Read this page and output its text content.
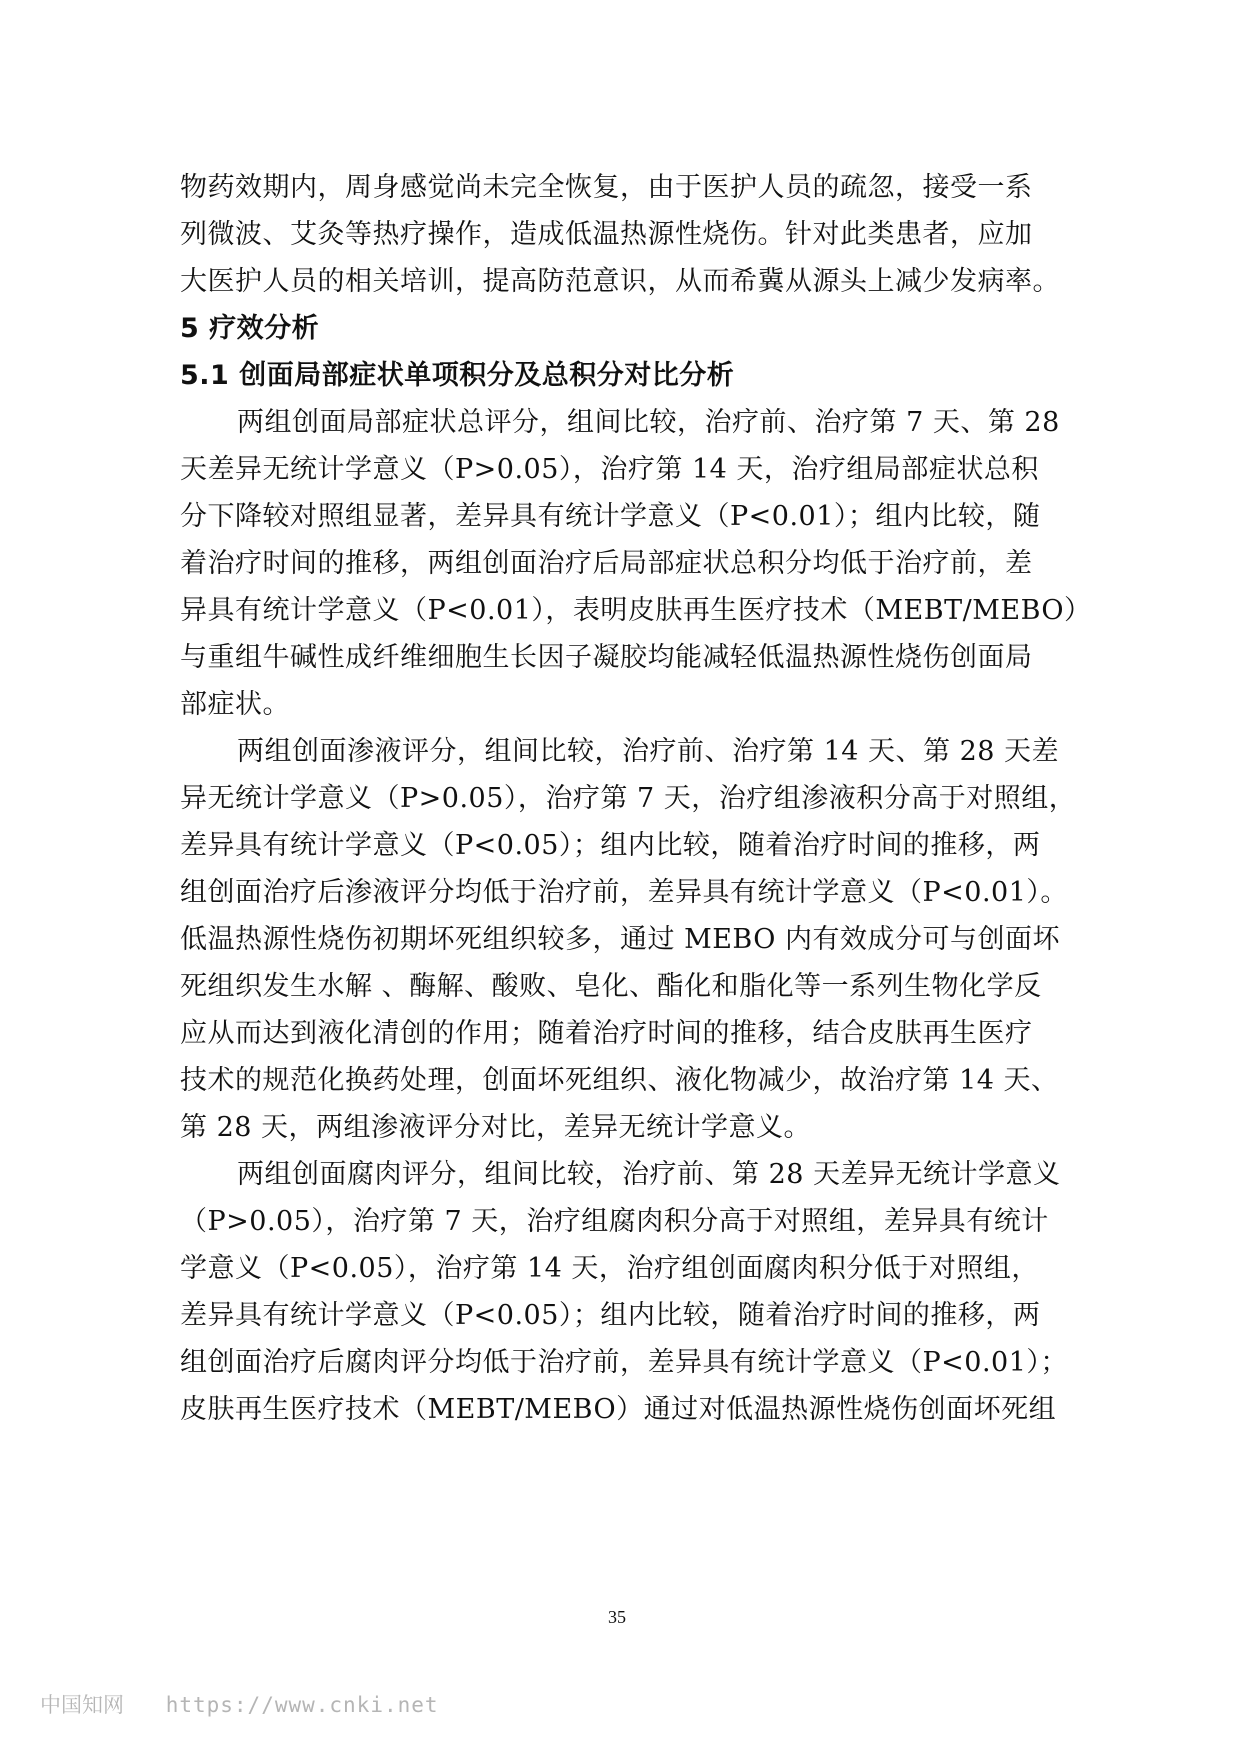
物药效期内，周身感觉尚未完全恢复，由于医护人员的疏忽，接受一系
列微波、艾灸等热疗操作，造成低温热源性烧伤。针对此类患者，应加
大医护人员的相关培训，提高防范意识，从而希冀从源头上减少发病率。
5 疗效分析
5.1 创面局部症状单项积分及总积分对比分析
两组创面局部症状总评分，组间比较，治疗前、治疗第 7 天、第 28
天差异无统计学意义（P>0.05），治疗第 14 天，治疗组局部症状总积
分下降较对照组显著，差异具有统计学意义（P<0.01）；组内比较，随
着治疗时间的推移，两组创面治疗后局部症状总积分均低于治疗前，差
异具有统计学意义（P<0.01），表明皮肤再生医疗技术（MEBT/MEBO）
与重组牛碱性成纤维细胞生长因子凝胶均能减轻低温热源性烧伤创面局
部症状。
两组创面渗液评分，组间比较，治疗前、治疗第 14 天、第 28 天差
异无统计学意义（P>0.05），治疗第 7 天，治疗组渗液积分高于对照组，
差异具有统计学意义（P<0.05）；组内比较，随着治疗时间的推移，两
组创面治疗后渗液评分均低于治疗前，差异具有统计学意义（P<0.01）。
低温热源性烧伤初期坏死组织较多，通过 MEBO 内有效成分可与创面坏
死组织发生水解 、酶解、酸败、皂化、酯化和脂化等一系列生物化学反
应从而达到液化清创的作用；随着治疗时间的推移，结合皮肤再生医疗
技术的规范化换药处理，创面坏死组织、液化物减少，故治疗第 14 天、
第 28 天，两组渗液评分对比，差异无统计学意义。
两组创面腐肉评分，组间比较，治疗前、第 28 天差异无统计学意义
（P>0.05），治疗第 7 天，治疗组腐肉积分高于对照组，差异具有统计
学意义（P<0.05），治疗第 14 天，治疗组创面腐肉积分低于对照组，
差异具有统计学意义（P<0.05）；组内比较，随着治疗时间的推移，两
组创面治疗后腐肉评分均低于治疗前，差异具有统计学意义（P<0.01）；
皮肤再生医疗技术（MEBT/MEBO）通过对低温热源性烧伤创面坏死组
35
中国知网 https://www.cnki.net
